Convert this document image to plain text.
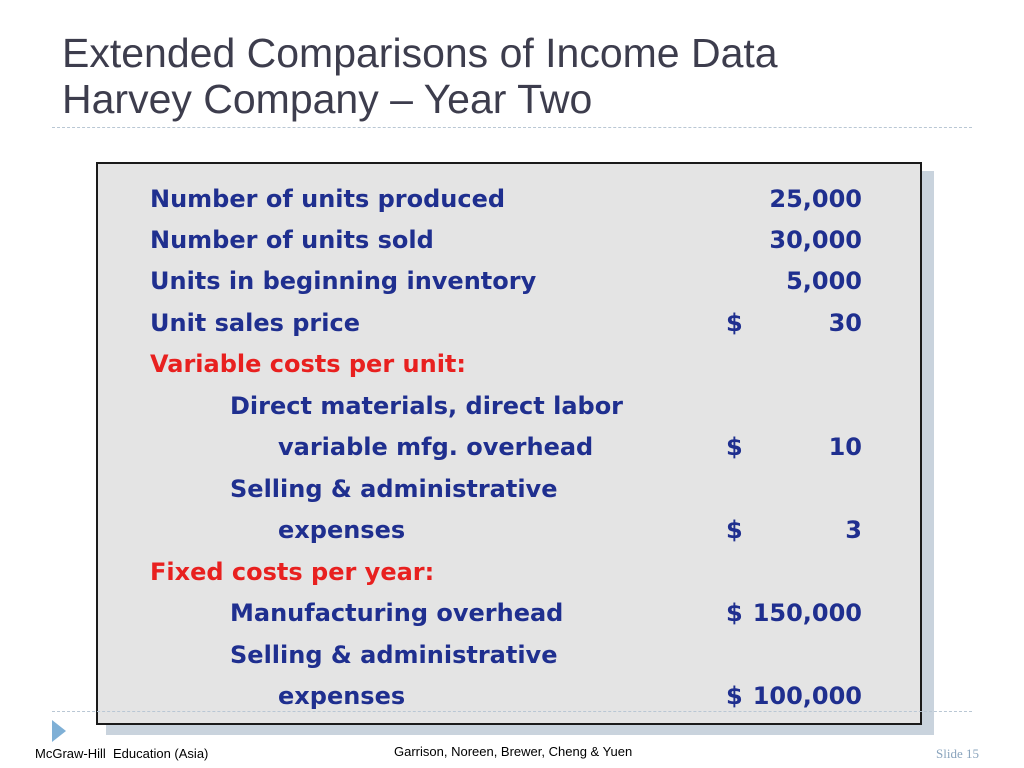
Extended Comparisons of Income Data
Harvey Company – Year Two
Number of units produced	25,000
Number of units sold	30,000
Units in beginning inventory	5,000
Unit sales price	$	30
Variable costs per unit:
Direct materials, direct labor
variable mfg. overhead	$	10
Selling & administrative
expenses	$	3
Fixed costs per year:
Manufacturing overhead	$ 150,000
Selling & administrative
expenses	$ 100,000
McGraw-Hill  Education (Asia)	Garrison, Noreen, Brewer, Cheng & Yuen	Slide 15
